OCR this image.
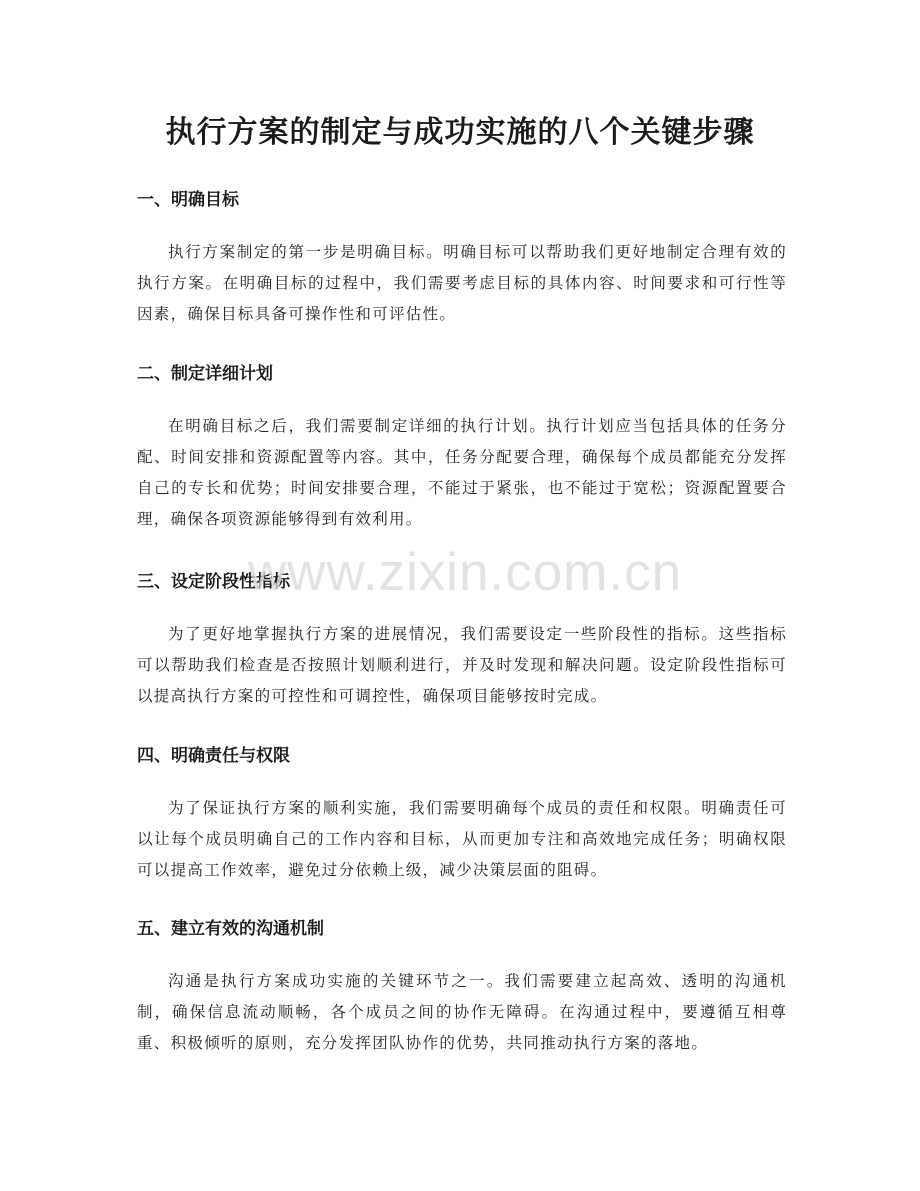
执行方案的制定与成功实施的八个关键步骤
一、明确目标

执行方案制定的第一步是明确目标。明确目标可以帮助我们更好地制定合理有效的执行方案。在明确目标的过程中，我们需要考虑目标的具体内容、时间要求和可行性等因素，确保目标具备可操作性和可评估性。

二、制定详细计划

在明确目标之后，我们需要制定详细的执行计划。执行计划应当包括具体的任务分配、时间安排和资源配置等内容。其中，任务分配要合理，确保每个成员都能充分发挥自己的专长和优势；时间安排要合理，不能过于紧张，也不能过于宽松；资源配置要合理，确保各项资源能够得到有效利用。

三、设定阶段性指标

为了更好地掌握执行方案的进展情况，我们需要设定一些阶段性的指标。这些指标可以帮助我们检查是否按照计划顺利进行，并及时发现和解决问题。设定阶段性指标可以提高执行方案的可控性和可调控性，确保项目能够按时完成。

四、明确责任与权限

为了保证执行方案的顺利实施，我们需要明确每个成员的责任和权限。明确责任可以让每个成员明确自己的工作内容和目标，从而更加专注和高效地完成任务；明确权限可以提高工作效率，避免过分依赖上级，减少决策层面的阻碍。

五、建立有效的沟通机制

沟通是执行方案成功实施的关键环节之一。我们需要建立起高效、透明的沟通机制，确保信息流动顺畅，各个成员之间的协作无障碍。在沟通过程中，要遵循互相尊重、积极倾听的原则，充分发挥团队协作的优势，共同推动执行方案的落地。

www.zixin.com.cn
